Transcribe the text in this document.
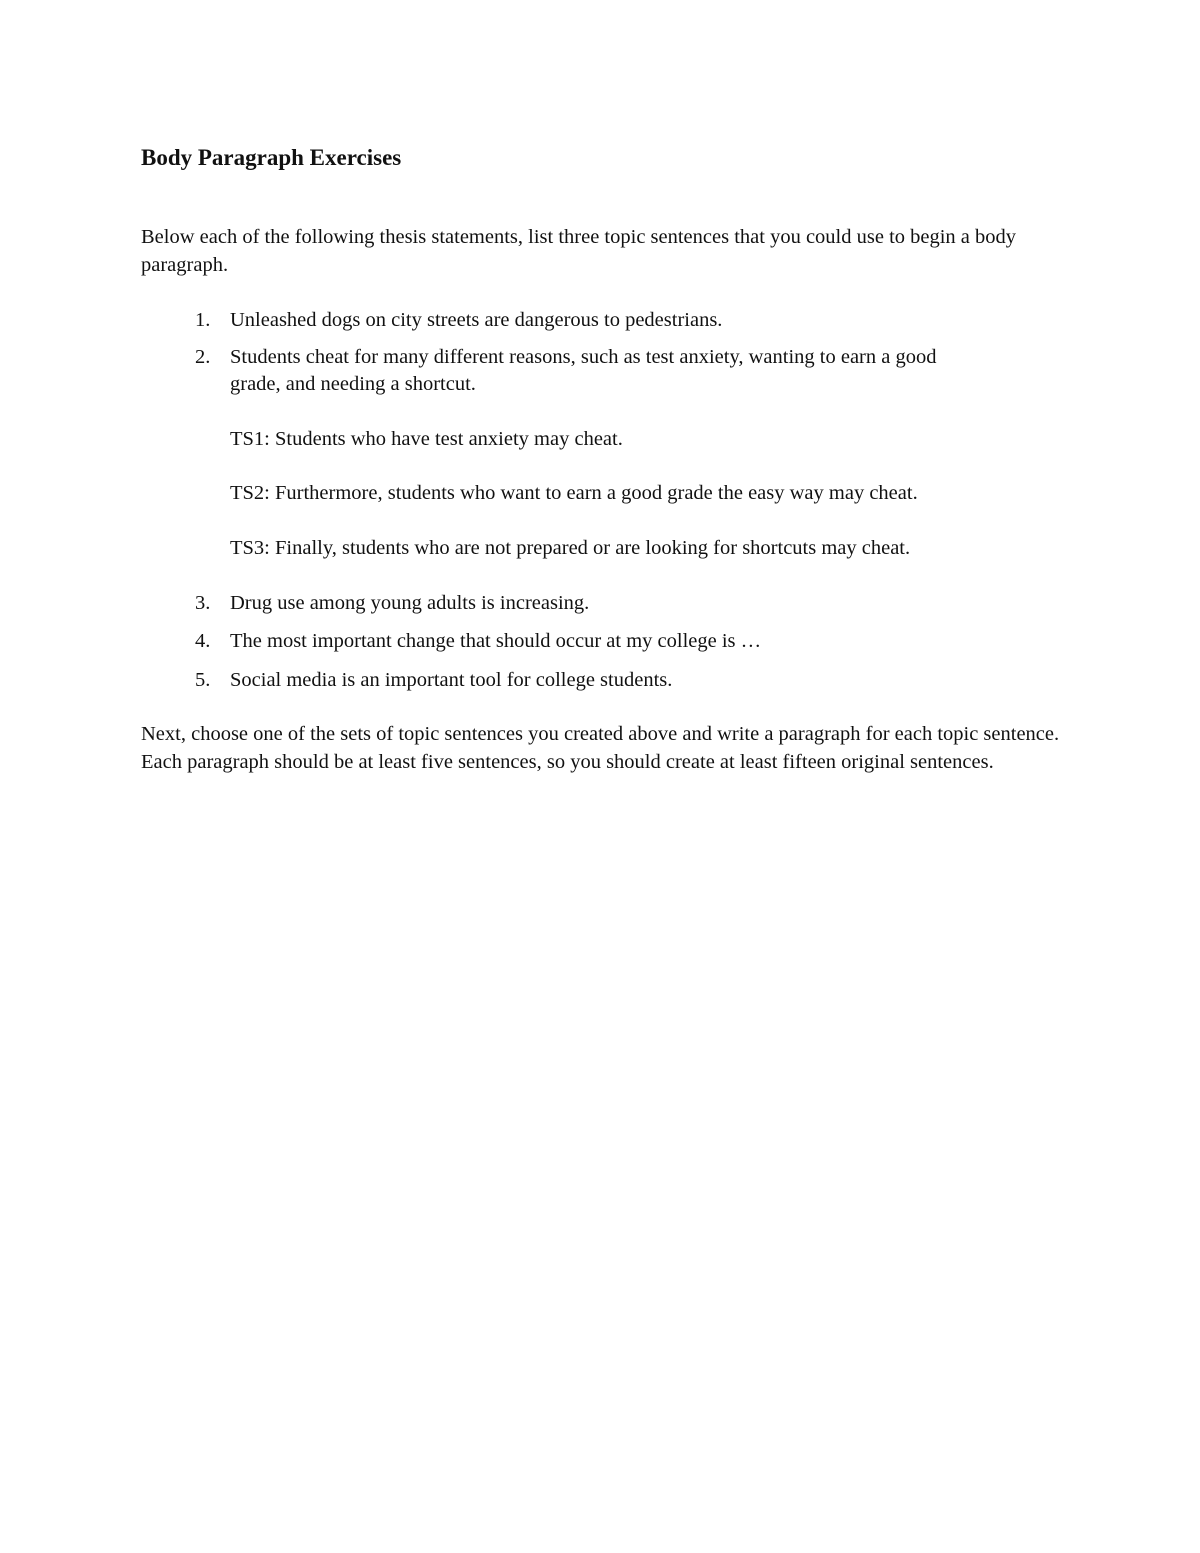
Body Paragraph Exercises
Below each of the following thesis statements, list three topic sentences that you could use to begin a body paragraph.
1. Unleashed dogs on city streets are dangerous to pedestrians.
2. Students cheat for many different reasons, such as test anxiety, wanting to earn a good
grade, and needing a shortcut.
TS1: Students who have test anxiety may cheat.
TS2: Furthermore, students who want to earn a good grade the easy way may cheat.
TS3: Finally, students who are not prepared or are looking for shortcuts may cheat.
3. Drug use among young adults is increasing.
4. The most important change that should occur at my college is …
5. Social media is an important tool for college students.
Next, choose one of the sets of topic sentences you created above and write a paragraph for each topic sentence. Each paragraph should be at least five sentences, so you should create at least fifteen original sentences.
